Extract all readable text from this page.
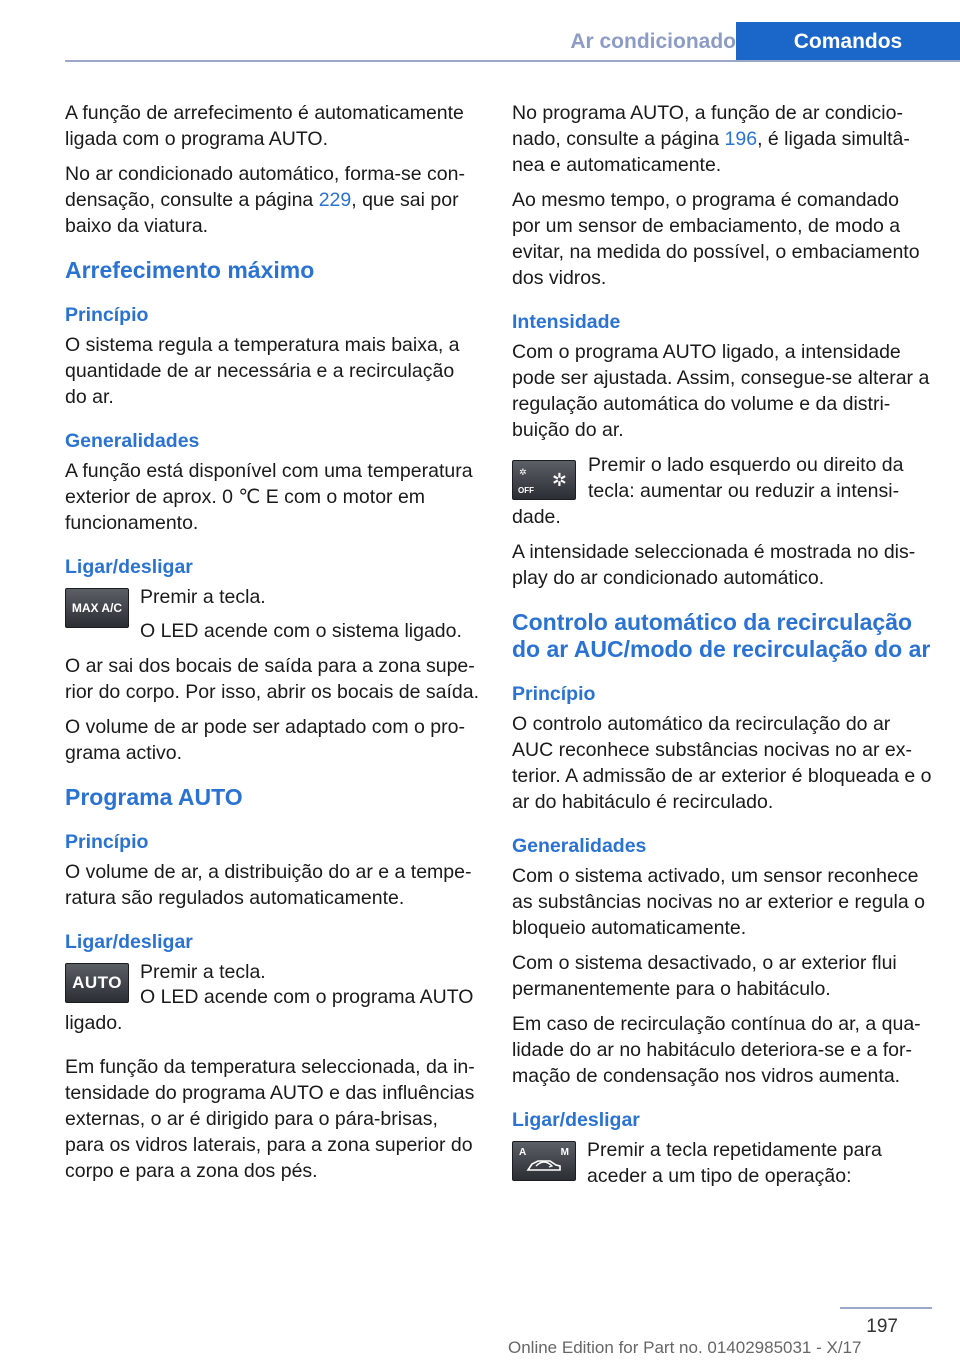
Ar condicionado	Comandos

A função de arrefecimento é automaticamente ligada com o programa AUTO.

No ar condicionado automático, forma-se condensação, consulte a página 229, que sai por baixo da viatura.

Arrefecimento máximo
Princípio

O sistema regula a temperatura mais baixa, a quantidade de ar necessária e a recirculação do ar.

Generalidades

A função está disponível com uma temperatura exterior de aprox. 0 ℃ E com o motor em funcionamento.

Ligar/desligar
MAX A/C Premir a tecla.

O LED acende com o sistema ligado.

O ar sai dos bocais de saída para a zona superior do corpo. Por isso, abrir os bocais de saída.

O volume de ar pode ser adaptado com o programa activo.

Programa AUTO
Princípio

O volume de ar, a distribuição do ar e a temperatura são regulados automaticamente.

Ligar/desligar
AUTO Premir a tecla.

O LED acende com o programa AUTO ligado.

Em função da temperatura seleccionada, da intensidade do programa AUTO e das influências externas, o ar é dirigido para o pára-brisas, para os vidros laterais, para a zona superior do corpo e para a zona dos pés.

No programa AUTO, a função de ar condicionado, consulte a página 196, é ligada simultânea e automaticamente.

Ao mesmo tempo, o programa é comandado por um sensor de embaciamento, de modo a evitar, na medida do possível, o embaciamento dos vidros.

Intensidade

Com o programa AUTO ligado, a intensidade pode ser ajustada. Assim, consegue-se alterar a regulação automática do volume e da distribuição do ar.

✲
OFF
✲

Premir o lado esquerdo ou direito da tecla: aumentar ou reduzir a intensidade.

A intensidade seleccionada é mostrada no display do ar condicionado automático.

Controlo automático da recirculação do ar AUC/modo de recirculação do ar
Princípio

O controlo automático da recirculação do ar AUC reconhece substâncias nocivas no ar exterior. A admissão de ar exterior é bloqueada e o ar do habitáculo é recirculado.

Generalidades

Com o sistema activado, um sensor reconhece as substâncias nocivas no ar exterior e regula o bloqueio automaticamente.

Com o sistema desactivado, o ar exterior flui permanentemente para o habitáculo.

Em caso de recirculação contínua do ar, a qualidade do ar no habitáculo deteriora-se e a formação de condensação nos vidros aumenta.

Ligar/desligar
A	M Premir a tecla repetidamente para aceder a um tipo de operação:

197
Online Edition for Part no. 01402985031 - X/17
